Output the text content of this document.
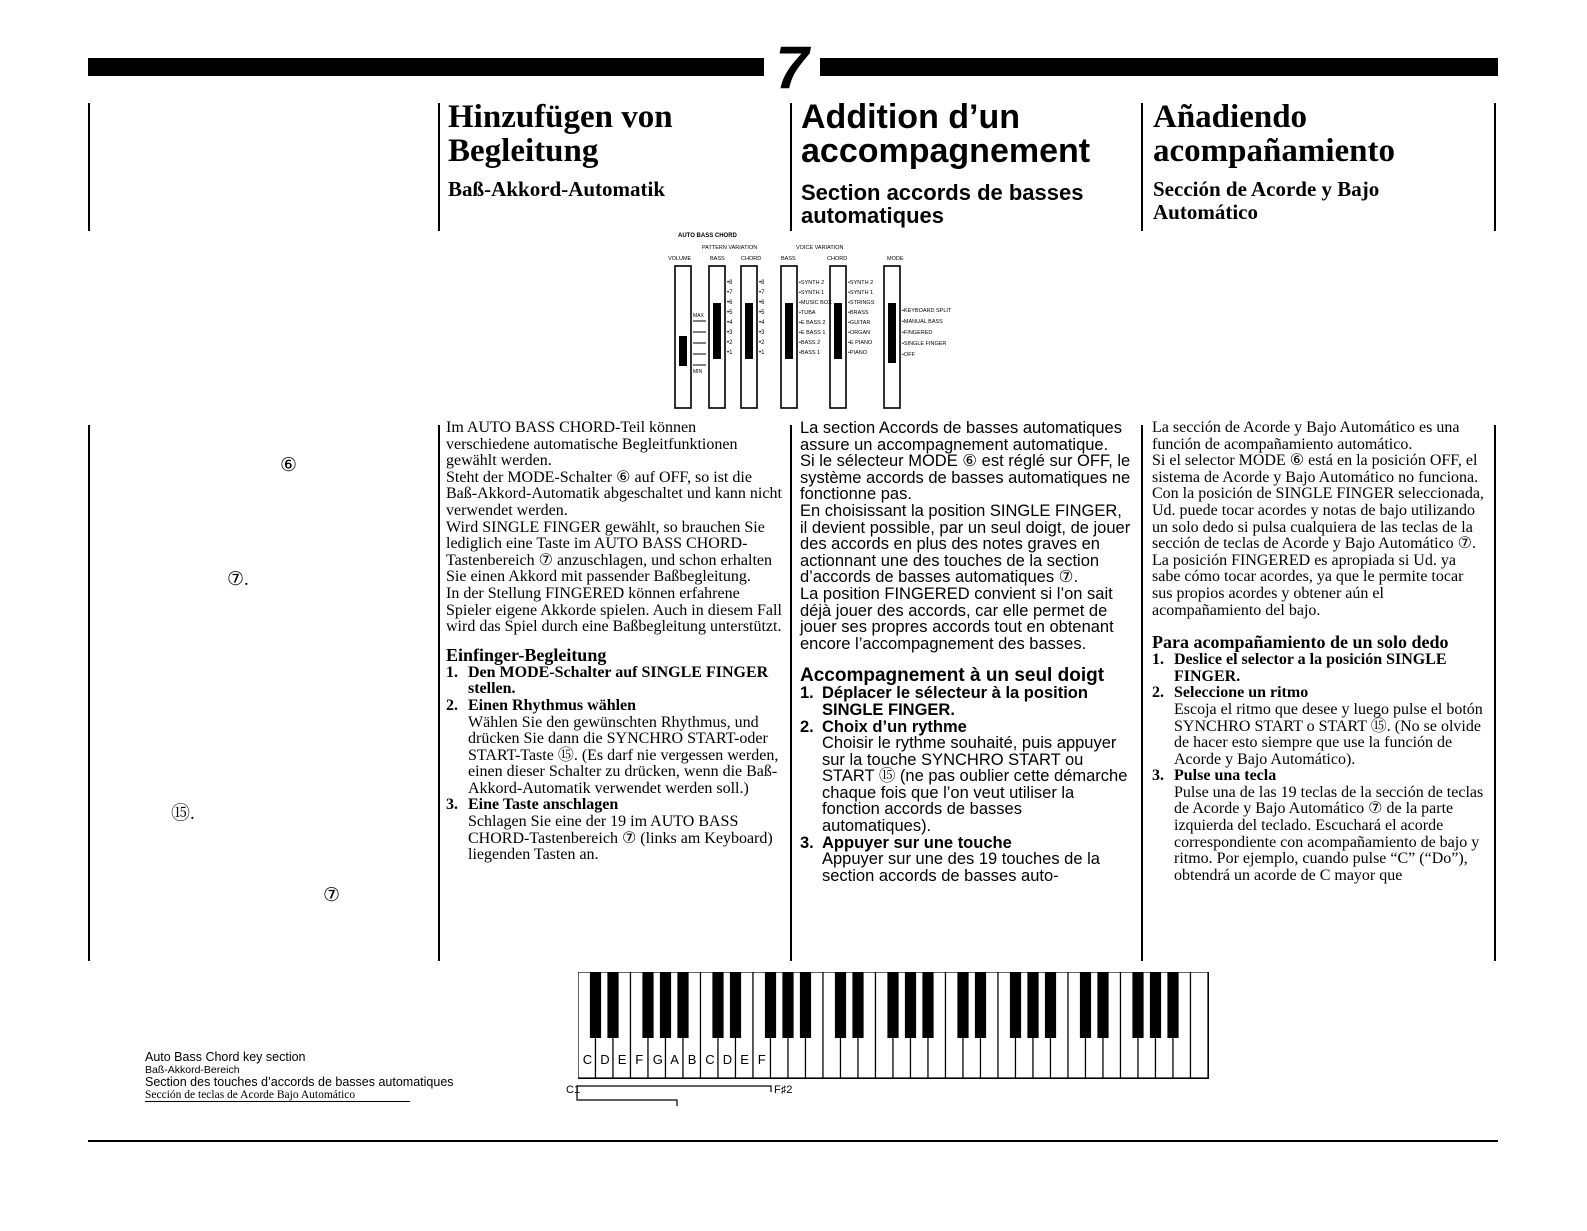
7
Hinzufügen von Begleitung
Baß-Akkord-Automatik
Addition d’un accompagnement
Section accords de basses automatiques
Añadiendo acompañamiento
Sección de Acorde y Bajo Automático
AUTO BASS CHORD
PATTERN VARIATION	VOICE VARIATION
VOLUME	BASS	CHORD	BASS	CHORD	MODE
MAX
MIN
•8
•7
•6
•5
•4
•3
•2
•1
•8
•7
•6
•5
•4
•3
•2
•1
•SYNTH 2
•SYNTH 1
•MUSIC BOX
•TUBA
•E BASS 2
•E BASS 1
•BASS 2
•BASS 1
•SYNTH 2
•SYNTH 1
•STRINGS
•BRASS
•GUITAR
•ORGAN
•E PIANO
•PIANO
•KEYBOARD SPLIT
•MANUAL BASS
•FINGERED
•SINGLE FINGER
•OFF
⑥
⑦.
⑮.
⑦

Im AUTO BASS CHORD-Teil können verschiedene automatische Begleitfunktionen gewählt werden.

Steht der MODE-Schalter ⑥ auf OFF, so ist die Baß-Akkord-Automatik abgeschaltet und kann nicht verwendet werden.

Wird SINGLE FINGER gewählt, so brauchen Sie lediglich eine Taste im AUTO BASS CHORD-Tastenbereich ⑦ anzuschlagen, und schon erhalten Sie einen Akkord mit passender Baßbegleitung.

In der Stellung FINGERED können erfahrene Spieler eigene Akkorde spielen. Auch in diesem Fall wird das Spiel durch eine Baßbegleitung unterstützt.

Einfinger-Begleitung

1. Den MODE-Schalter auf SINGLE FINGER stellen.
2. Einen Rhythmus wählen
Wählen Sie den gewünschten Rhythmus, und drücken Sie dann die SYNCHRO START-oder START-Taste ⑮. (Es darf nie vergessen werden, einen dieser Schalter zu drücken, wenn die Baß-Akkord-Automatik verwendet werden soll.)
3. Eine Taste anschlagen
Schlagen Sie eine der 19 im AUTO BASS CHORD-Tastenbereich ⑦ (links am Keyboard) liegenden Tasten an.

La section Accords de basses automatiques assure un accompagnement automatique.

Si le sélecteur MODE ⑥ est réglé sur OFF, le système accords de basses automatiques ne fonctionne pas.

En choisissant la position SINGLE FINGER, il devient possible, par un seul doigt, de jouer des accords en plus des notes graves en actionnant une des touches de la section d’accords de basses automatiques ⑦.

La position FINGERED convient si l’on sait déjà jouer des accords, car elle permet de jouer ses propres accords tout en obtenant encore l’accompagnement des basses.

Accompagnement à un seul doigt

1. Déplacer le sélecteur à la position SINGLE FINGER.
2. Choix d’un rythme
Choisir le rythme souhaité, puis appuyer sur la touche SYNCHRO START ou START ⑮ (ne pas oublier cette démarche chaque fois que l’on veut utiliser la fonction accords de basses automatiques).
3. Appuyer sur une touche
Appuyer sur une des 19 touches de la section accords de basses auto-

La sección de Acorde y Bajo Automático es una función de acompañamiento automático.

Si el selector MODE ⑥ está en la posición OFF, el sistema de Acorde y Bajo Automático no funciona.

Con la posición de SINGLE FINGER seleccionada, Ud. puede tocar acordes y notas de bajo utilizando un solo dedo si pulsa cualquiera de las teclas de la sección de teclas de Acorde y Bajo Automático ⑦.

La posición FINGERED es apropiada si Ud. ya sabe cómo tocar acordes, ya que le permite tocar sus propios acordes y obtener aún el acompañamiento del bajo.

Para acompañamiento de un solo dedo

1. Deslice el selector a la posición SINGLE FINGER.
2. Seleccione un ritmo
Escoja el ritmo que desee y luego pulse el botón SYNCHRO START o START ⑮. (No se olvide de hacer esto siempre que use la función de Acorde y Bajo Automático).
3. Pulse una tecla
Pulse una de las 19 teclas de la sección de teclas de Acorde y Bajo Automático ⑦ de la parte izquierda del teclado. Escuchará el acorde correspondiente con acompañamiento de bajo y ritmo. Por ejemplo, cuando pulse “C” (“Do”), obtendrá un acorde de C mayor que
C D E F G A B C D E F
C1	F♯2
Auto Bass Chord key section
Baß-Akkord-Bereich
Section des touches d’accords de basses automatiques
Sección de teclas de Acorde Bajo Automático
